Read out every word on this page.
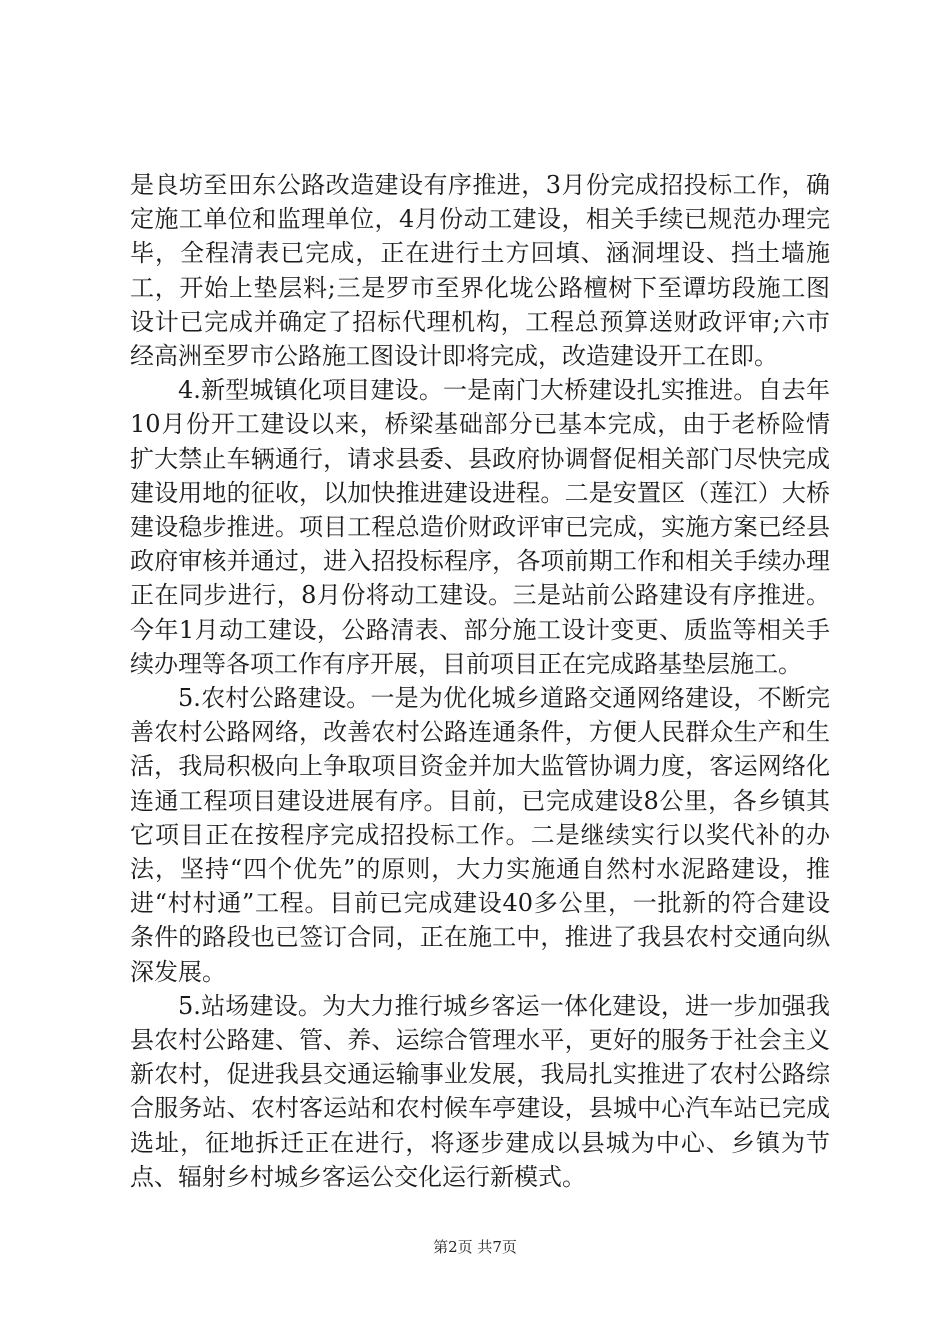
是良坊至田东公路改造建设有序推进，3月份完成招投标工作，确定施工单位和监理单位，4月份动工建设，相关手续已规范办理完毕，全程清表已完成，正在进行土方回填、涵洞埋设、挡土墙施工，开始上垫层料;三是罗市至界化垅公路檀树下至谭坊段施工图设计已完成并确定了招标代理机构，工程总预算送财政评审;六市经高洲至罗市公路施工图设计即将完成，改造建设开工在即。

4.新型城镇化项目建设。一是南门大桥建设扎实推进。自去年10月份开工建设以来，桥梁基础部分已基本完成，由于老桥险情扩大禁止车辆通行，请求县委、县政府协调督促相关部门尽快完成建设用地的征收，以加快推进建设进程。二是安置区（莲江）大桥建设稳步推进。项目工程总造价财政评审已完成，实施方案已经县政府审核并通过，进入招投标程序，各项前期工作和相关手续办理正在同步进行，8月份将动工建设。三是站前公路建设有序推进。今年1月动工建设，公路清表、部分施工设计变更、质监等相关手续办理等各项工作有序开展，目前项目正在完成路基垫层施工。

5.农村公路建设。一是为优化城乡道路交通网络建设，不断完善农村公路网络，改善农村公路连通条件，方便人民群众生产和生活，我局积极向上争取项目资金并加大监管协调力度，客运网络化连通工程项目建设进展有序。目前，已完成建设8公里，各乡镇其它项目正在按程序完成招投标工作。二是继续实行以奖代补的办法，坚持“四个优先”的原则，大力实施通自然村水泥路建设，推进“村村通”工程。目前已完成建设40多公里，一批新的符合建设条件的路段也已签订合同，正在施工中，推进了我县农村交通向纵深发展。

5.站场建设。为大力推行城乡客运一体化建设，进一步加强我县农村公路建、管、养、运综合管理水平，更好的服务于社会主义新农村，促进我县交通运输事业发展，我局扎实推进了农村公路综合服务站、农村客运站和农村候车亭建设，县城中心汽车站已完成选址，征地拆迁正在进行，将逐步建成以县城为中心、乡镇为节点、辐射乡村城乡客运公交化运行新模式。

第2页 共7页
